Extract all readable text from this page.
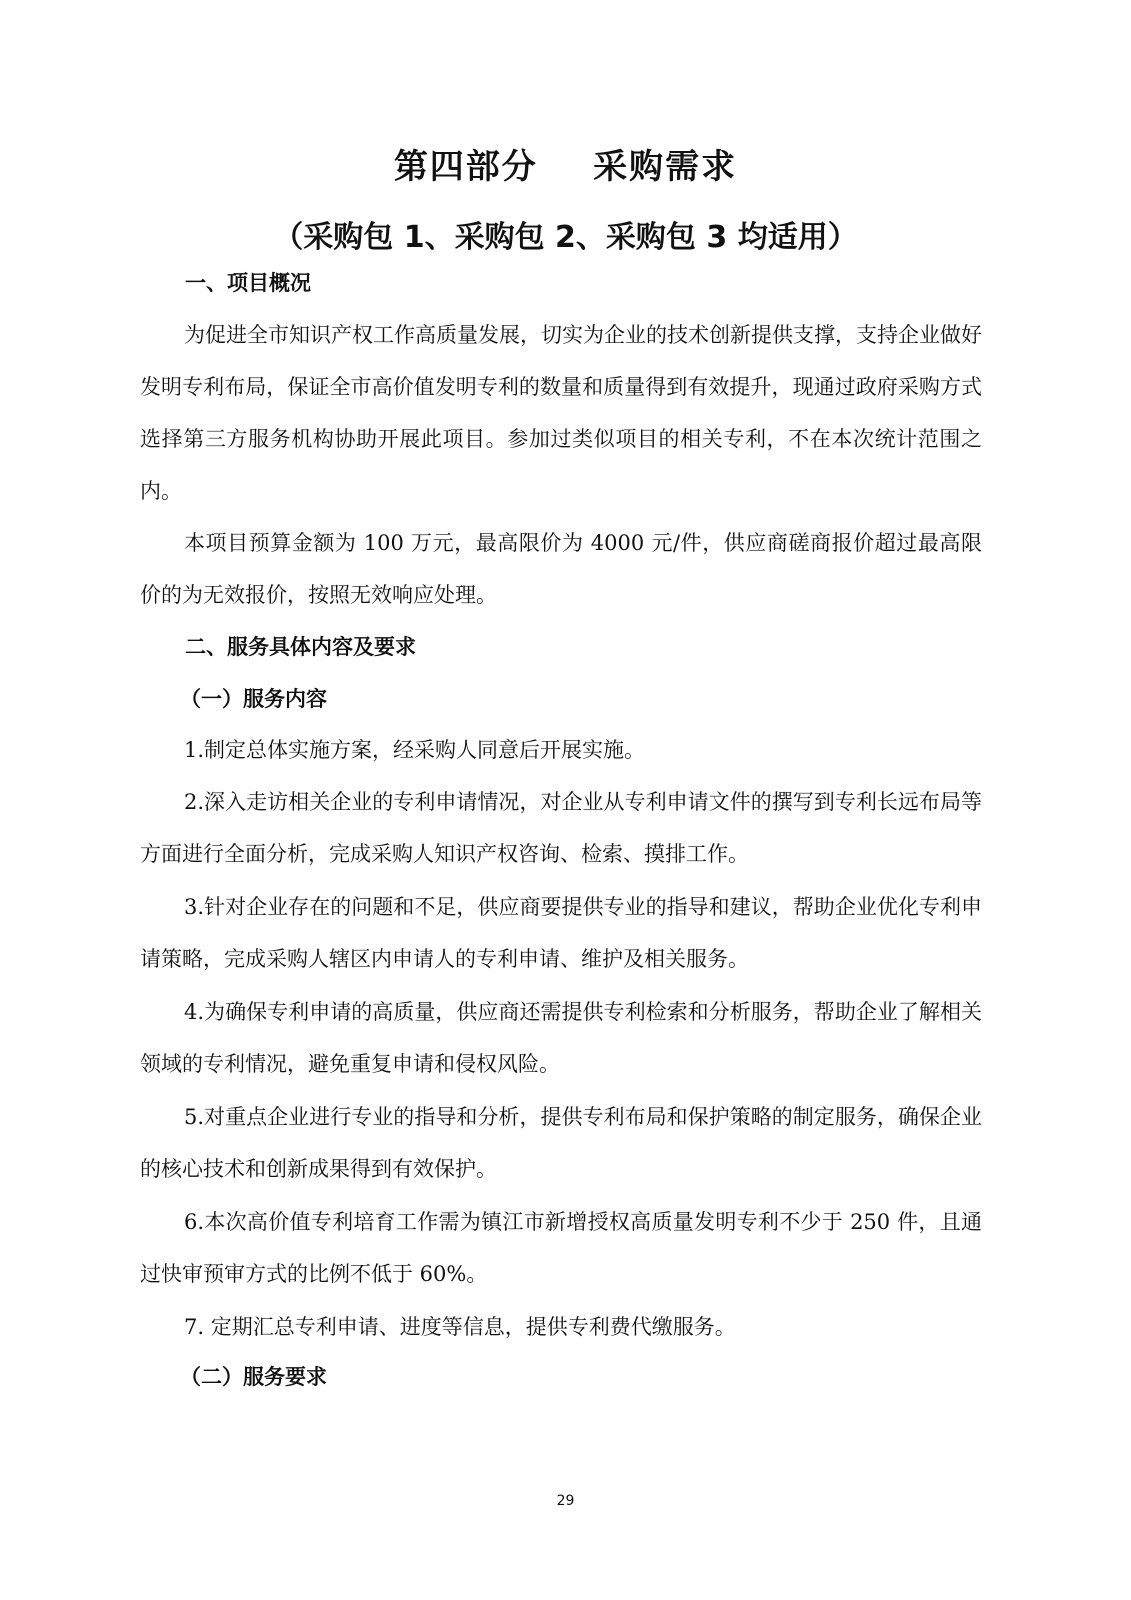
第四部分    采购需求
（采购包 1、采购包 2、采购包 3 均适用）
一、项目概况

为促进全市知识产权工作高质量发展，切实为企业的技术创新提供支撑，支持企业做好发明专利布局，保证全市高价值发明专利的数量和质量得到有效提升，现通过政府采购方式选择第三方服务机构协助开展此项目。参加过类似项目的相关专利，不在本次统计范围之内。

本项目预算金额为 100 万元，最高限价为 4000 元/件，供应商磋商报价超过最高限价的为无效报价，按照无效响应处理。

二、服务具体内容及要求
（一）服务内容

1.制定总体实施方案，经采购人同意后开展实施。

2.深入走访相关企业的专利申请情况，对企业从专利申请文件的撰写到专利长远布局等方面进行全面分析，完成采购人知识产权咨询、检索、摸排工作。

3.针对企业存在的问题和不足，供应商要提供专业的指导和建议，帮助企业优化专利申请策略，完成采购人辖区内申请人的专利申请、维护及相关服务。

4.为确保专利申请的高质量，供应商还需提供专利检索和分析服务，帮助企业了解相关领域的专利情况，避免重复申请和侵权风险。

5.对重点企业进行专业的指导和分析，提供专利布局和保护策略的制定服务，确保企业的核心技术和创新成果得到有效保护。

6.本次高价值专利培育工作需为镇江市新增授权高质量发明专利不少于 250 件，且通过快审预审方式的比例不低于 60%。

7. 定期汇总专利申请、进度等信息，提供专利费代缴服务。

（二）服务要求
29
